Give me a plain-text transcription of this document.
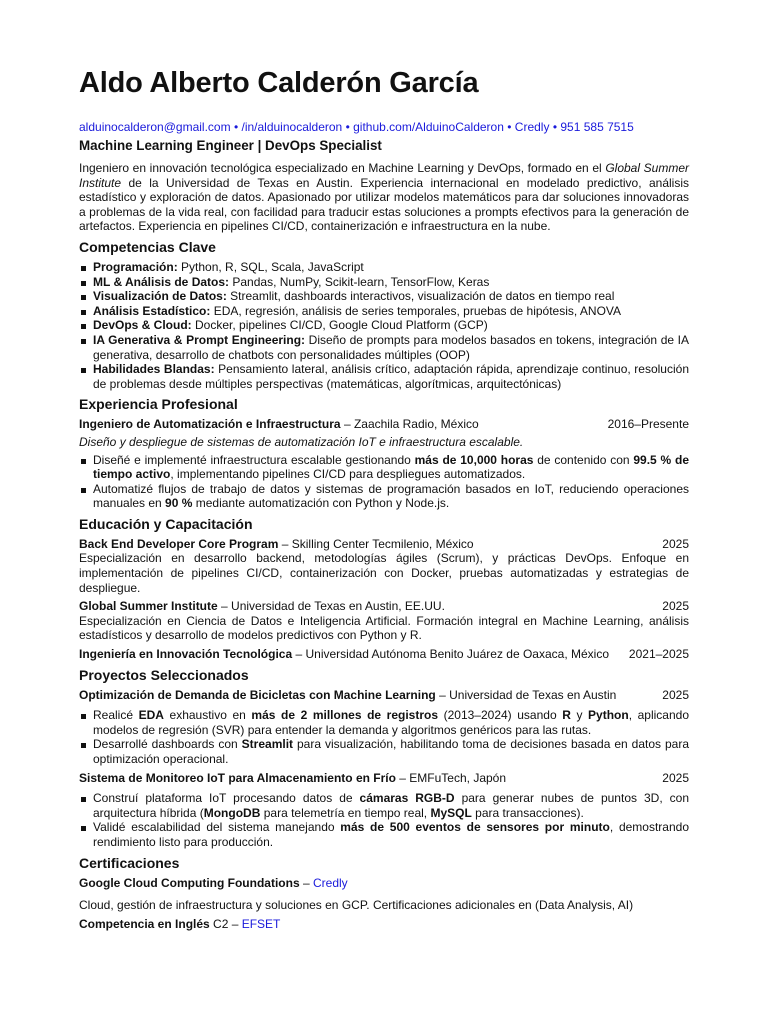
Aldo Alberto Calderón García
alduinocalderon@gmail.com • /in/alduinocalderon • github.com/AlduinoCalderon • Credly • 951 585 7515
Machine Learning Engineer | DevOps Specialist

Ingeniero en innovación tecnológica especializado en Machine Learning y DevOps, formado en el Global Summer Institute de la Universidad de Texas en Austin. Experiencia internacional en modelado predictivo, análisis estadístico y exploración de datos. Apasionado por utilizar modelos matemáticos para dar soluciones innovadoras a problemas de la vida real, con facilidad para traducir estas soluciones a prompts efectivos para la generación de artefactos. Experiencia en pipelines CI/CD, containerización e infraestructura en la nube.

Competencias Clave
Programación: Python, R, SQL, Scala, JavaScript
ML & Análisis de Datos: Pandas, NumPy, Scikit-learn, TensorFlow, Keras
Visualización de Datos: Streamlit, dashboards interactivos, visualización de datos en tiempo real
Análisis Estadístico: EDA, regresión, análisis de series temporales, pruebas de hipótesis, ANOVA
DevOps & Cloud: Docker, pipelines CI/CD, Google Cloud Platform (GCP)
IA Generativa & Prompt Engineering: Diseño de prompts para modelos basados en tokens, integración de IA generativa, desarrollo de chatbots con personalidades múltiples (OOP)
Habilidades Blandas: Pensamiento lateral, análisis crítico, adaptación rápida, aprendizaje continuo, resolución de problemas desde múltiples perspectivas (matemáticas, algorítmicas, arquitectónicas)
Experiencia Profesional
Ingeniero de Automatización e Infraestructura – Zaachila Radio, México	2016–Presente
Diseño y despliegue de sistemas de automatización IoT e infraestructura escalable.
Diseñé e implementé infraestructura escalable gestionando más de 10,000 horas de contenido con 99.5 % de tiempo activo, implementando pipelines CI/CD para despliegues automatizados.
Automatizé flujos de trabajo de datos y sistemas de programación basados en IoT, reduciendo operaciones manuales en 90 % mediante automatización con Python y Node.js.
Educación y Capacitación
Back End Developer Core Program – Skilling Center Tecmilenio, México	2025

Especialización en desarrollo backend, metodologías ágiles (Scrum), y prácticas DevOps. Enfoque en implementación de pipelines CI/CD, containerización con Docker, pruebas automatizadas y estrategias de despliegue.

Global Summer Institute – Universidad de Texas en Austin, EE.UU.	2025

Especialización en Ciencia de Datos e Inteligencia Artificial. Formación integral en Machine Learning, análisis estadísticos y desarrollo de modelos predictivos con Python y R.

Ingeniería en Innovación Tecnológica – Universidad Autónoma Benito Juárez de Oaxaca, México 2021–2025
Proyectos Seleccionados
Optimización de Demanda de Bicicletas con Machine Learning – Universidad de Texas en Austin	2025
Realicé EDA exhaustivo en más de 2 millones de registros (2013–2024) usando R y Python, aplicando modelos de regresión (SVR) para entender la demanda y algoritmos genéricos para las rutas.
Desarrollé dashboards con Streamlit para visualización, habilitando toma de decisiones basada en datos para optimización operacional.
Sistema de Monitoreo IoT para Almacenamiento en Frío – EMFuTech, Japón	2025
Construí plataforma IoT procesando datos de cámaras RGB-D para generar nubes de puntos 3D, con arquitectura híbrida (MongoDB para telemetría en tiempo real, MySQL para transacciones).
Validé escalabilidad del sistema manejando más de 500 eventos de sensores por minuto, demostrando rendimiento listo para producción.
Certificaciones
Google Cloud Computing Foundations – Credly
Cloud, gestión de infraestructura y soluciones en GCP. Certificaciones adicionales en (Data Analysis, AI)
Competencia en Inglés C2 – EFSET
